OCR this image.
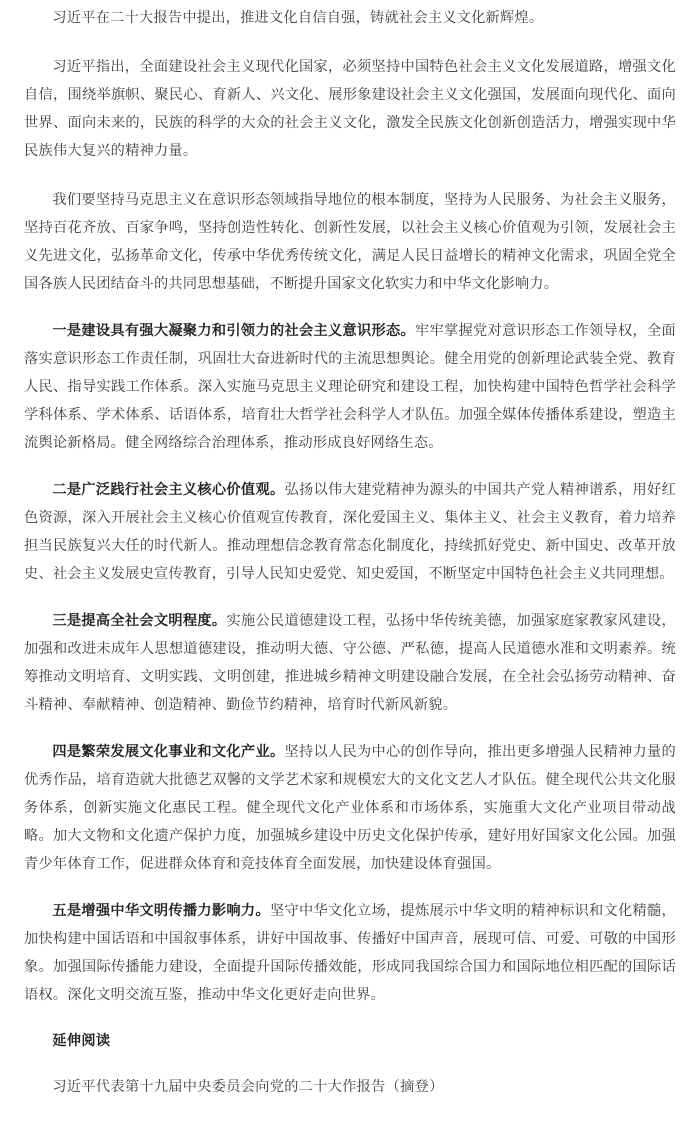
习近平在二十大报告中提出，推进文化自信自强，铸就社会主义文化新辉煌。

习近平指出，全面建设社会主义现代化国家，必须坚持中国特色社会主义文化发展道路，增强文化自信，围绕举旗帜、聚民心、育新人、兴文化、展形象建设社会主义文化强国，发展面向现代化、面向世界、面向未来的，民族的科学的大众的社会主义文化，激发全民族文化创新创造活力，增强实现中华民族伟大复兴的精神力量。

我们要坚持马克思主义在意识形态领域指导地位的根本制度，坚持为人民服务、为社会主义服务，坚持百花齐放、百家争鸣，坚持创造性转化、创新性发展，以社会主义核心价值观为引领，发展社会主义先进文化，弘扬革命文化，传承中华优秀传统文化，满足人民日益增长的精神文化需求，巩固全党全国各族人民团结奋斗的共同思想基础，不断提升国家文化软实力和中华文化影响力。

一是建设具有强大凝聚力和引领力的社会主义意识形态。牢牢掌握党对意识形态工作领导权，全面落实意识形态工作责任制，巩固壮大奋进新时代的主流思想舆论。健全用党的创新理论武装全党、教育人民、指导实践工作体系。深入实施马克思主义理论研究和建设工程，加快构建中国特色哲学社会科学学科体系、学术体系、话语体系，培育壮大哲学社会科学人才队伍。加强全媒体传播体系建设，塑造主流舆论新格局。健全网络综合治理体系，推动形成良好网络生态。

二是广泛践行社会主义核心价值观。弘扬以伟大建党精神为源头的中国共产党人精神谱系，用好红色资源，深入开展社会主义核心价值观宣传教育，深化爱国主义、集体主义、社会主义教育，着力培养担当民族复兴大任的时代新人。推动理想信念教育常态化制度化，持续抓好党史、新中国史、改革开放史、社会主义发展史宣传教育，引导人民知史爱党、知史爱国，不断坚定中国特色社会主义共同理想。

三是提高全社会文明程度。实施公民道德建设工程，弘扬中华传统美德，加强家庭家教家风建设，加强和改进未成年人思想道德建设，推动明大德、守公德、严私德，提高人民道德水准和文明素养。统筹推动文明培育、文明实践、文明创建，推进城乡精神文明建设融合发展，在全社会弘扬劳动精神、奋斗精神、奉献精神、创造精神、勤俭节约精神，培育时代新风新貌。

四是繁荣发展文化事业和文化产业。坚持以人民为中心的创作导向，推出更多增强人民精神力量的优秀作品，培育造就大批德艺双馨的文学艺术家和规模宏大的文化文艺人才队伍。健全现代公共文化服务体系，创新实施文化惠民工程。健全现代文化产业体系和市场体系，实施重大文化产业项目带动战略。加大文物和文化遗产保护力度，加强城乡建设中历史文化保护传承，建好用好国家文化公园。加强青少年体育工作，促进群众体育和竞技体育全面发展，加快建设体育强国。

五是增强中华文明传播力影响力。坚守中华文化立场，提炼展示中华文明的精神标识和文化精髓，加快构建中国话语和中国叙事体系，讲好中国故事、传播好中国声音，展现可信、可爱、可敬的中国形象。加强国际传播能力建设，全面提升国际传播效能，形成同我国综合国力和国际地位相匹配的国际话语权。深化文明交流互鉴，推动中华文化更好走向世界。

延伸阅读

习近平代表第十九届中央委员会向党的二十大作报告（摘登）
